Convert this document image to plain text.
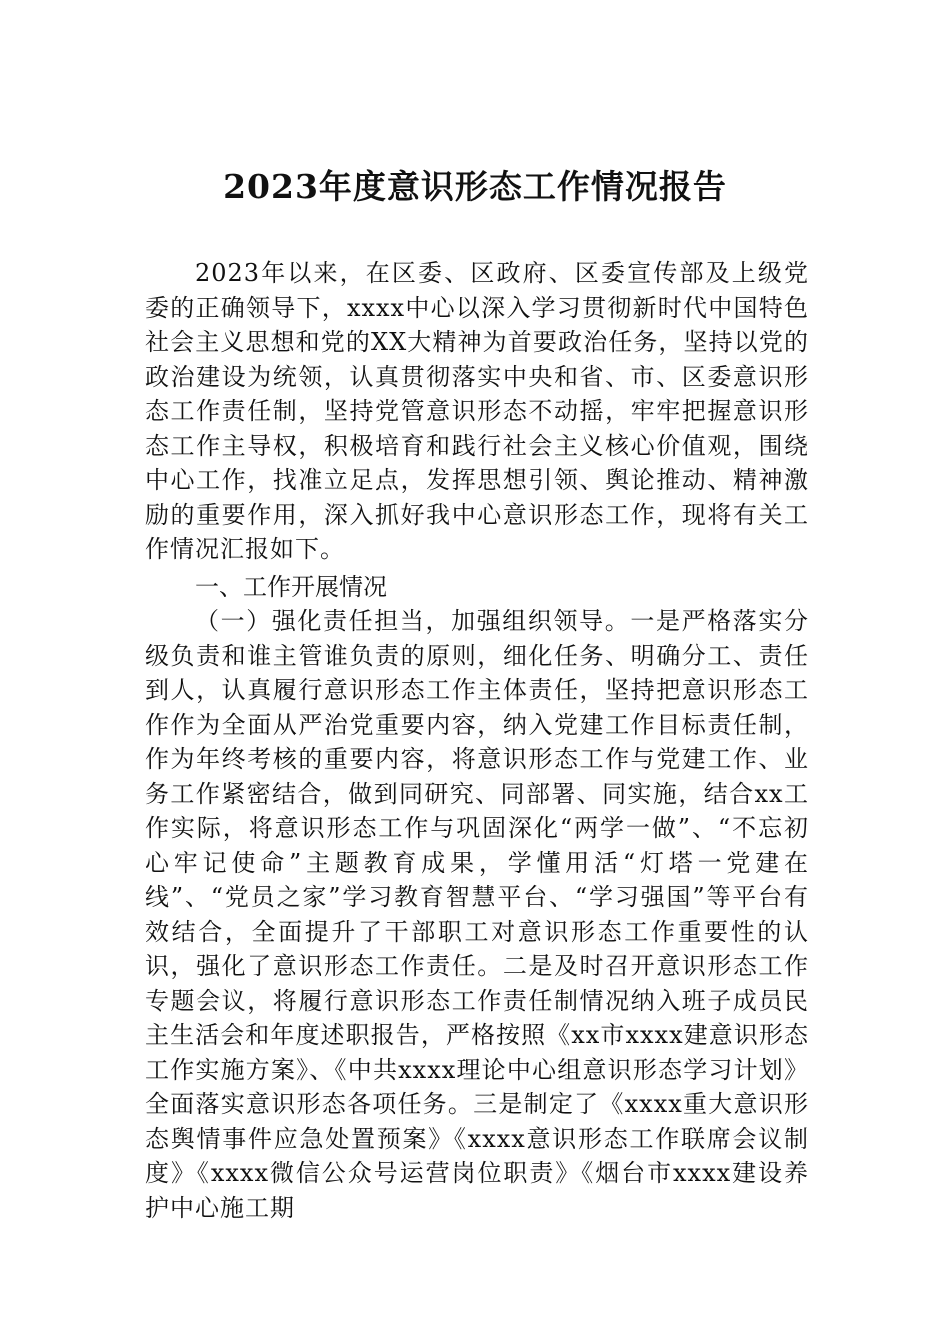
2023年度意识形态工作情况报告
2023年以来，在区委、区政府、区委宣传部及上级党委的正确领导下，xxxx中心以深入学习贯彻新时代中国特色社会主义思想和党的XX大精神为首要政治任务，坚持以党的政治建设为统领，认真贯彻落实中央和省、市、区委意识形态工作责任制，坚持党管意识形态不动摇，牢牢把握意识形态工作主导权，积极培育和践行社会主义核心价值观，围绕中心工作，找准立足点，发挥思想引领、舆论推动、精神激励的重要作用，深入抓好我中心意识形态工作，现将有关工作情况汇报如下。
一、工作开展情况
（一）强化责任担当，加强组织领导。一是严格落实分级负责和谁主管谁负责的原则，细化任务、明确分工、责任到人，认真履行意识形态工作主体责任，坚持把意识形态工作作为全面从严治党重要内容，纳入党建工作目标责任制，作为年终考核的重要内容，将意识形态工作与党建工作、业务工作紧密结合，做到同研究、同部署、同实施，结合xx工作实际，将意识形态工作与巩固深化“两学一做”、“不忘初心牢记使命”主题教育成果，学懂用活“灯塔一党建在线”、“党员之家”学习教育智慧平台、“学习强国”等平台有效结合，全面提升了干部职工对意识形态工作重要性的认识，强化了意识形态工作责任。二是及时召开意识形态工作专题会议，将履行意识形态工作责任制情况纳入班子成员民主生活会和年度述职报告，严格按照《xx市xxxx建意识形态工作实施方案》、《中共xxxx理论中心组意识形态学习计划》全面落实意识形态各项任务。三是制定了《xxxx重大意识形态舆情事件应急处置预案》《xxxx意识形态工作联席会议制度》《xxxx微信公众号运营岗位职责》《烟台市xxxx建设养护中心施工期
